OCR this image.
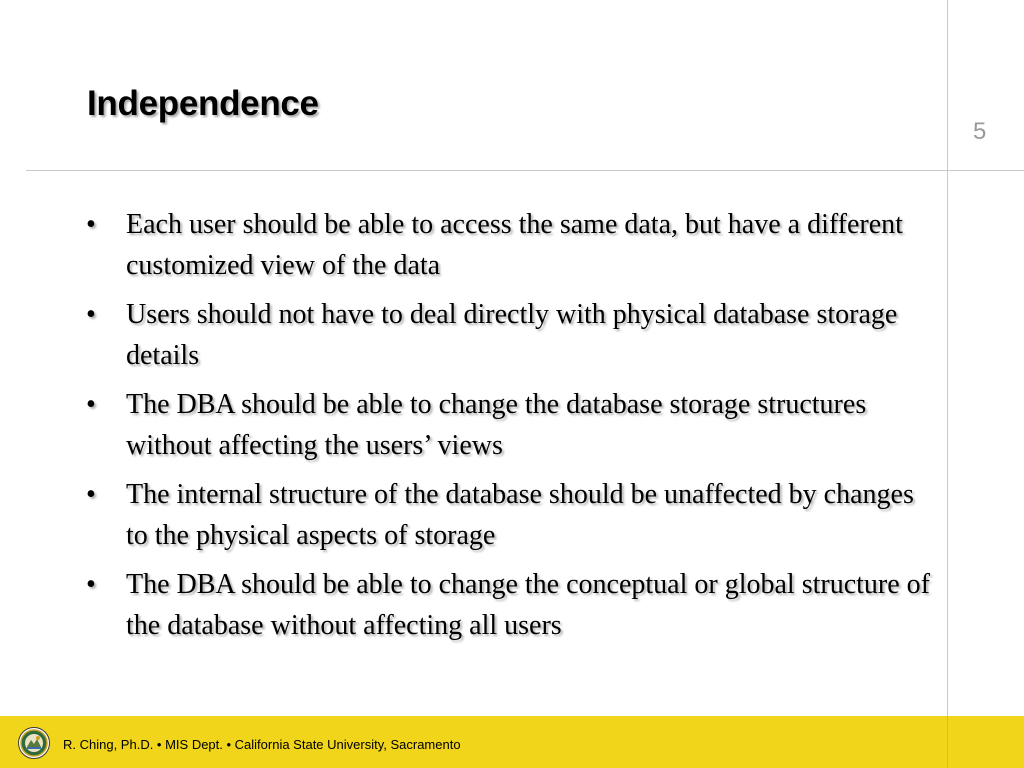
Independence
5
• Each user should be able to access the same data, but have a different customized view of the data
• Users should not have to deal directly with physical database storage details
• The DBA should be able to change the database storage structures without affecting the users’ views
• The internal structure of the database should be unaffected by changes to the physical aspects of storage
• The DBA should be able to change the conceptual or global structure of the database without affecting all users
R. Ching, Ph.D. • MIS Dept. • California State University, Sacramento
